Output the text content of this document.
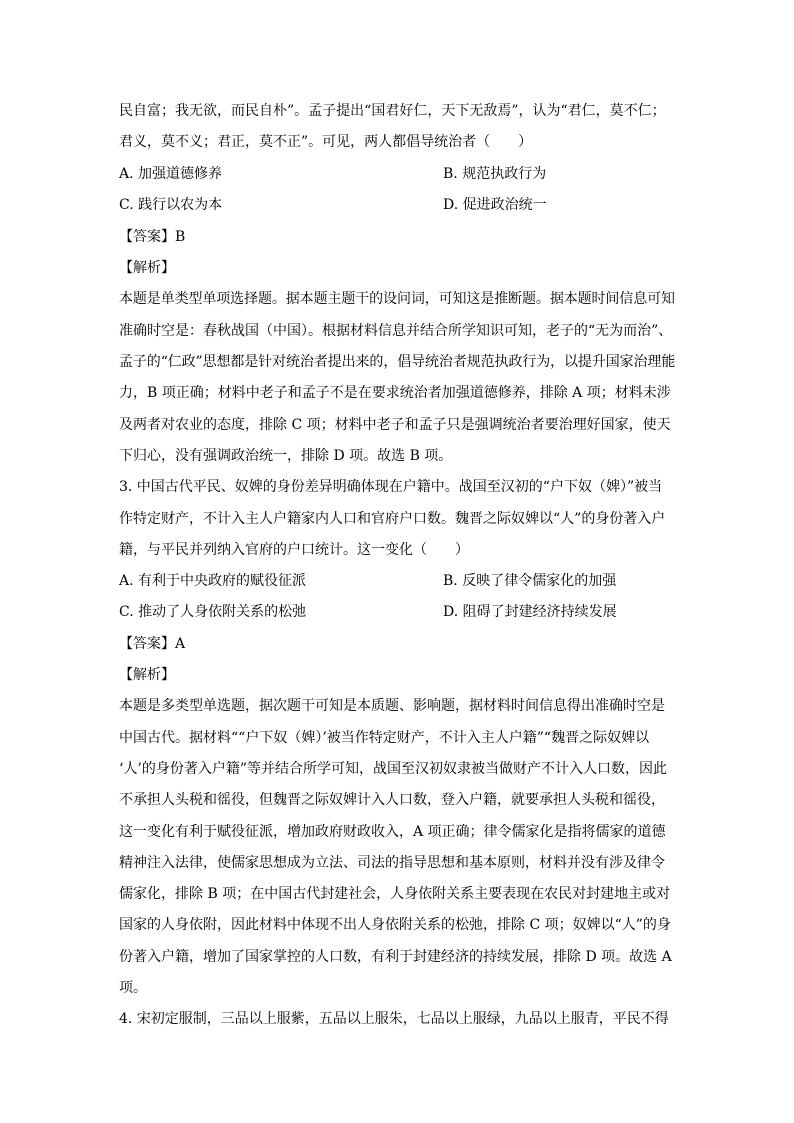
民自富；我无欲，而民自朴”。孟子提出“国君好仁，天下无敌焉”，认为“君仁，莫不仁；
君义，莫不义；君正，莫不正”。可见，两人都倡导统治者（　　）
A. 加强道德修养	B. 规范执政行为
C. 践行以农为本	D. 促进政治统一
【答案】B
【解析】
本题是单类型单项选择题。据本题主题干的设问词，可知这是推断题。据本题时间信息可知
准确时空是：春秋战国（中国）。根据材料信息并结合所学知识可知，老子的“无为而治”、
孟子的“仁政”思想都是针对统治者提出来的，倡导统治者规范执政行为，以提升国家治理能
力，B 项正确；材料中老子和孟子不是在要求统治者加强道德修养，排除 A 项；材料未涉
及两者对农业的态度，排除 C 项；材料中老子和孟子只是强调统治者要治理好国家，使天
下归心，没有强调政治统一，排除 D 项。故选 B 项。
3. 中国古代平民、奴婢的身份差异明确体现在户籍中。战国至汉初的“户下奴（婢）”被当
作特定财产，不计入主人户籍家内人口和官府户口数。魏晋之际奴婢以“人”的身份著入户
籍，与平民并列纳入官府的户口统计。这一变化（　　）
A. 有利于中央政府的赋役征派	B. 反映了律令儒家化的加强
C. 推动了人身依附关系的松弛	D. 阻碍了封建经济持续发展
【答案】A
【解析】
本题是多类型单选题，据次题干可知是本质题、影响题，据材料时间信息得出准确时空是
中国古代。据材料““户下奴（婢）’被当作特定财产，不计入主人户籍”“魏晋之际奴婢以
‘人’的身份著入户籍”等并结合所学可知，战国至汉初奴隶被当做财产不计入人口数，因此
不承担人头税和徭役，但魏晋之际奴婢计入人口数，登入户籍，就要承担人头税和徭役，
这一变化有利于赋役征派，增加政府财政收入，A 项正确；律令儒家化是指将儒家的道德
精神注入法律，使儒家思想成为立法、司法的指导思想和基本原则，材料并没有涉及律令
儒家化，排除 B 项；在中国古代封建社会，人身依附关系主要表现在农民对封建地主或对
国家的人身依附，因此材料中体现不出人身依附关系的松弛，排除 C 项；奴婢以“人”的身
份著入户籍，增加了国家掌控的人口数，有利于封建经济的持续发展，排除 D 项。故选 A
项。
4. 宋初定服制，三品以上服紫，五品以上服朱，七品以上服绿，九品以上服青，平民不得
